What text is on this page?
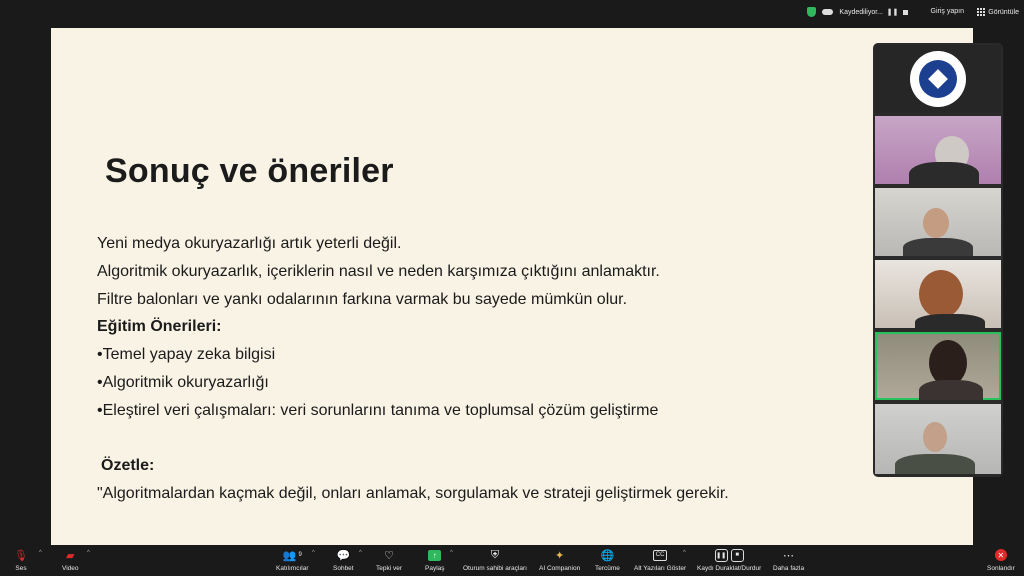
Kaydediliyor... ❚❚	Giriş yapın	Görüntüle
Sonuç ve öneriler
Yeni medya okuryazarlığı artık yeterli değil.
Algoritmik okuryazarlık, içeriklerin nasıl ve neden karşımıza çıktığını anlamaktır.
Filtre balonları ve yankı odalarının farkına varmak bu sayede mümkün olur.
Eğitim Önerileri:
•Temel yapay zeka bilgisi
•Algoritmik okuryazarlığı
•Eleştirel veri çalışmaları: veri sorunlarını tanıma ve toplumsal çözüm geliştirme
Özetle:
"Algoritmalardan kaçmak değil, onları anlamak, sorgulamak ve strateji geliştirmek gerekir.
🎙
Ses
^ ▰
Video
^	👥 9
Katılımcılar
^ 💬
Sohbet
^ ♡
Tepki ver
↑
Paylaş
^	⛨
Oturum sahibi araçları
✦
AI Companion
🌐
Tercüme
CC
Alt Yazıları Göster
^	❚❚	■
Kaydı Duraklat/Durdur
⋯
Daha fazla
✕
Sonlandır
